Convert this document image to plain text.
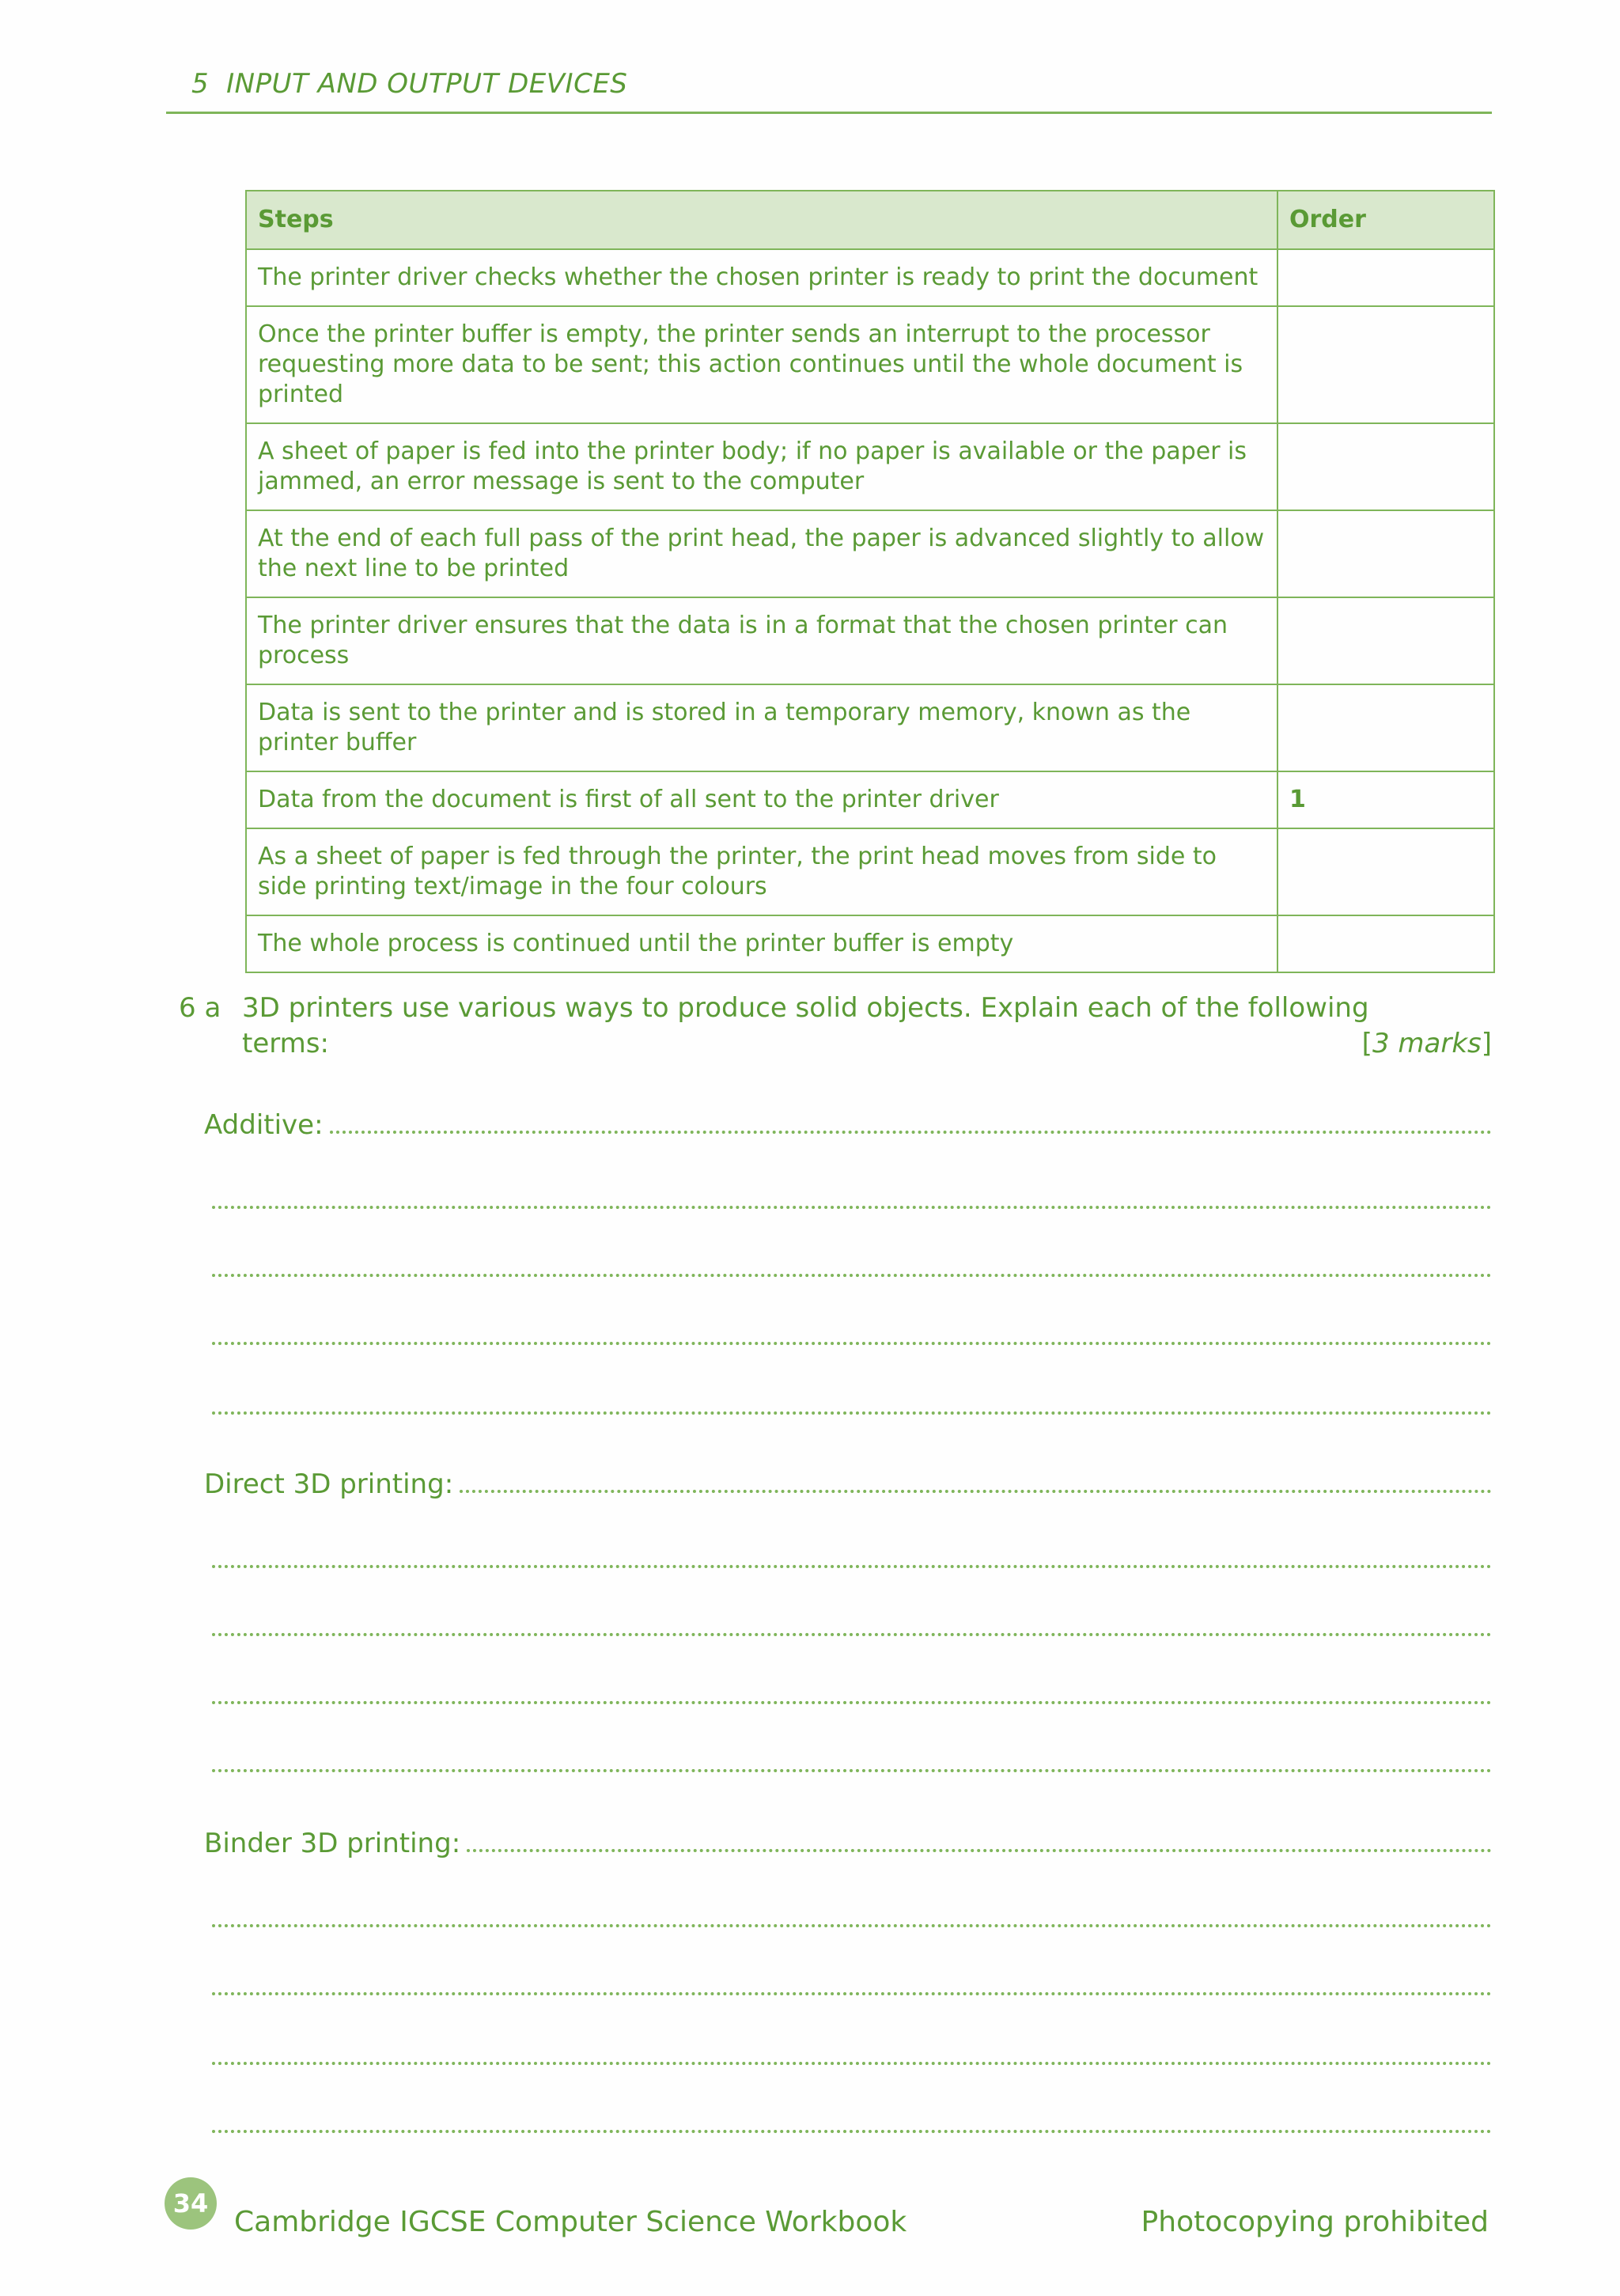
5 INPUT AND OUTPUT DEVICES
Steps	Order
The printer driver checks whether the chosen printer is ready to print the document	
Once the printer buffer is empty, the printer sends an interrupt to the processor requesting more data to be sent; this action continues until the whole document is printed	
A sheet of paper is fed into the printer body; if no paper is available or the paper is jammed, an error message is sent to the computer	
At the end of each full pass of the print head, the paper is advanced slightly to allow the next line to be printed	
The printer driver ensures that the data is in a format that the chosen printer can process	
Data is sent to the printer and is stored in a temporary memory, known as the printer buffer	
Data from the document is first of all sent to the printer driver	1
As a sheet of paper is fed through the printer, the print head moves from side to side printing text/image in the four colours	
The whole process is continued until the printer buffer is empty	
6 a 3D printers use various ways to produce solid objects. Explain each of the following terms:	[3 marks]
Additive:
Direct 3D printing:
Binder 3D printing:
34
Cambridge IGCSE Computer Science Workbook	Photocopying prohibited
